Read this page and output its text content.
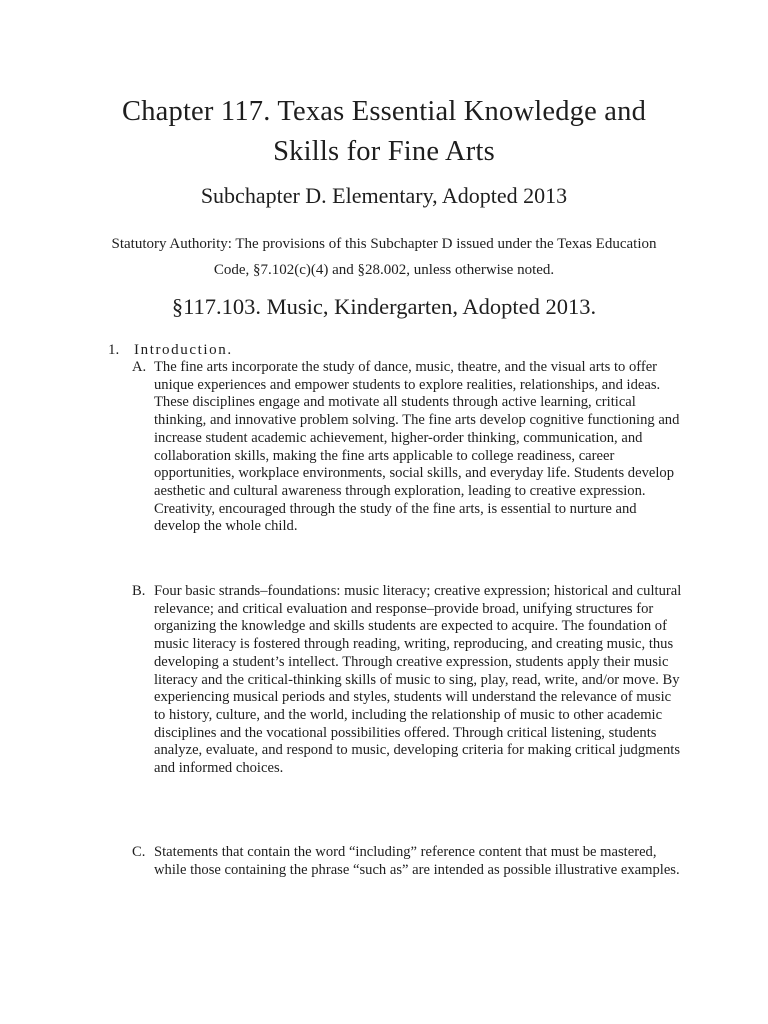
Chapter 117. Texas Essential Knowledge and Skills for Fine Arts
Subchapter D. Elementary, Adopted 2013

Statutory Authority: The provisions of this Subchapter D issued under the Texas Education Code, §7.102(c)(4) and §28.002, unless otherwise noted.

§117.103. Music, Kindergarten, Adopted 2013.
1. Introduction.
A. The fine arts incorporate the study of dance, music, theatre, and the visual arts to offer unique experiences and empower students to explore realities, relationships, and ideas. These disciplines engage and motivate all students through active learning, critical thinking, and innovative problem solving. The fine arts develop cognitive functioning and increase student academic achievement, higher-order thinking, communication, and collaboration skills, making the fine arts applicable to college readiness, career opportunities, workplace environments, social skills, and everyday life. Students develop aesthetic and cultural awareness through exploration, leading to creative expression. Creativity, encouraged through the study of the fine arts, is essential to nurture and develop the whole child.
B. Four basic strands–foundations: music literacy; creative expression; historical and cultural relevance; and critical evaluation and response–provide broad, unifying structures for organizing the knowledge and skills students are expected to acquire. The foundation of music literacy is fostered through reading, writing, reproducing, and creating music, thus developing a student’s intellect. Through creative expression, students apply their music literacy and the critical-thinking skills of music to sing, play, read, write, and/or move. By experiencing musical periods and styles, students will understand the relevance of music to history, culture, and the world, including the relationship of music to other academic disciplines and the vocational possibilities offered. Through critical listening, students analyze, evaluate, and respond to music, developing criteria for making critical judgments and informed choices.
C. Statements that contain the word “including” reference content that must be mastered, while those containing the phrase “such as” are intended as possible illustrative examples.
